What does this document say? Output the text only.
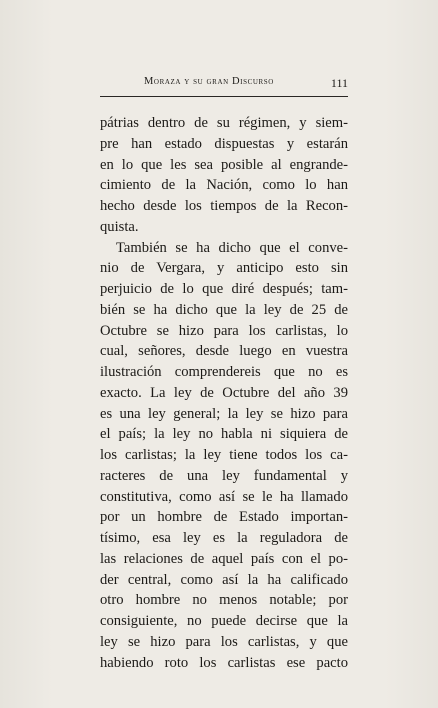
Moraza y su gran Discurso	111
pátrias dentro de su régimen, y siem-
pre han estado dispuestas y estarán
en lo que les sea posible al engrande-
cimiento de la Nación, como lo han
hecho desde los tiempos de la Recon-
quista.
También se ha dicho que el conve-
nio de Vergara, y anticipo esto sin
perjuicio de lo que diré después; tam-
bién se ha dicho que la ley de 25 de
Octubre se hizo para los carlistas, lo
cual, señores, desde luego en vuestra
ilustración comprendereis que no es
exacto. La ley de Octubre del año 39
es una ley general; la ley se hizo para
el país; la ley no habla ni siquiera de
los carlistas; la ley tiene todos los ca-
racteres de una ley fundamental y
constitutiva, como así se le ha llamado
por un hombre de Estado importan-
tísimo, esa ley es la reguladora de
las relaciones de aquel país con el po-
der central, como así la ha calificado
otro hombre no menos notable; por
consiguiente, no puede decirse que la
ley se hizo para los carlistas, y que
habiendo roto los carlistas ese pacto
